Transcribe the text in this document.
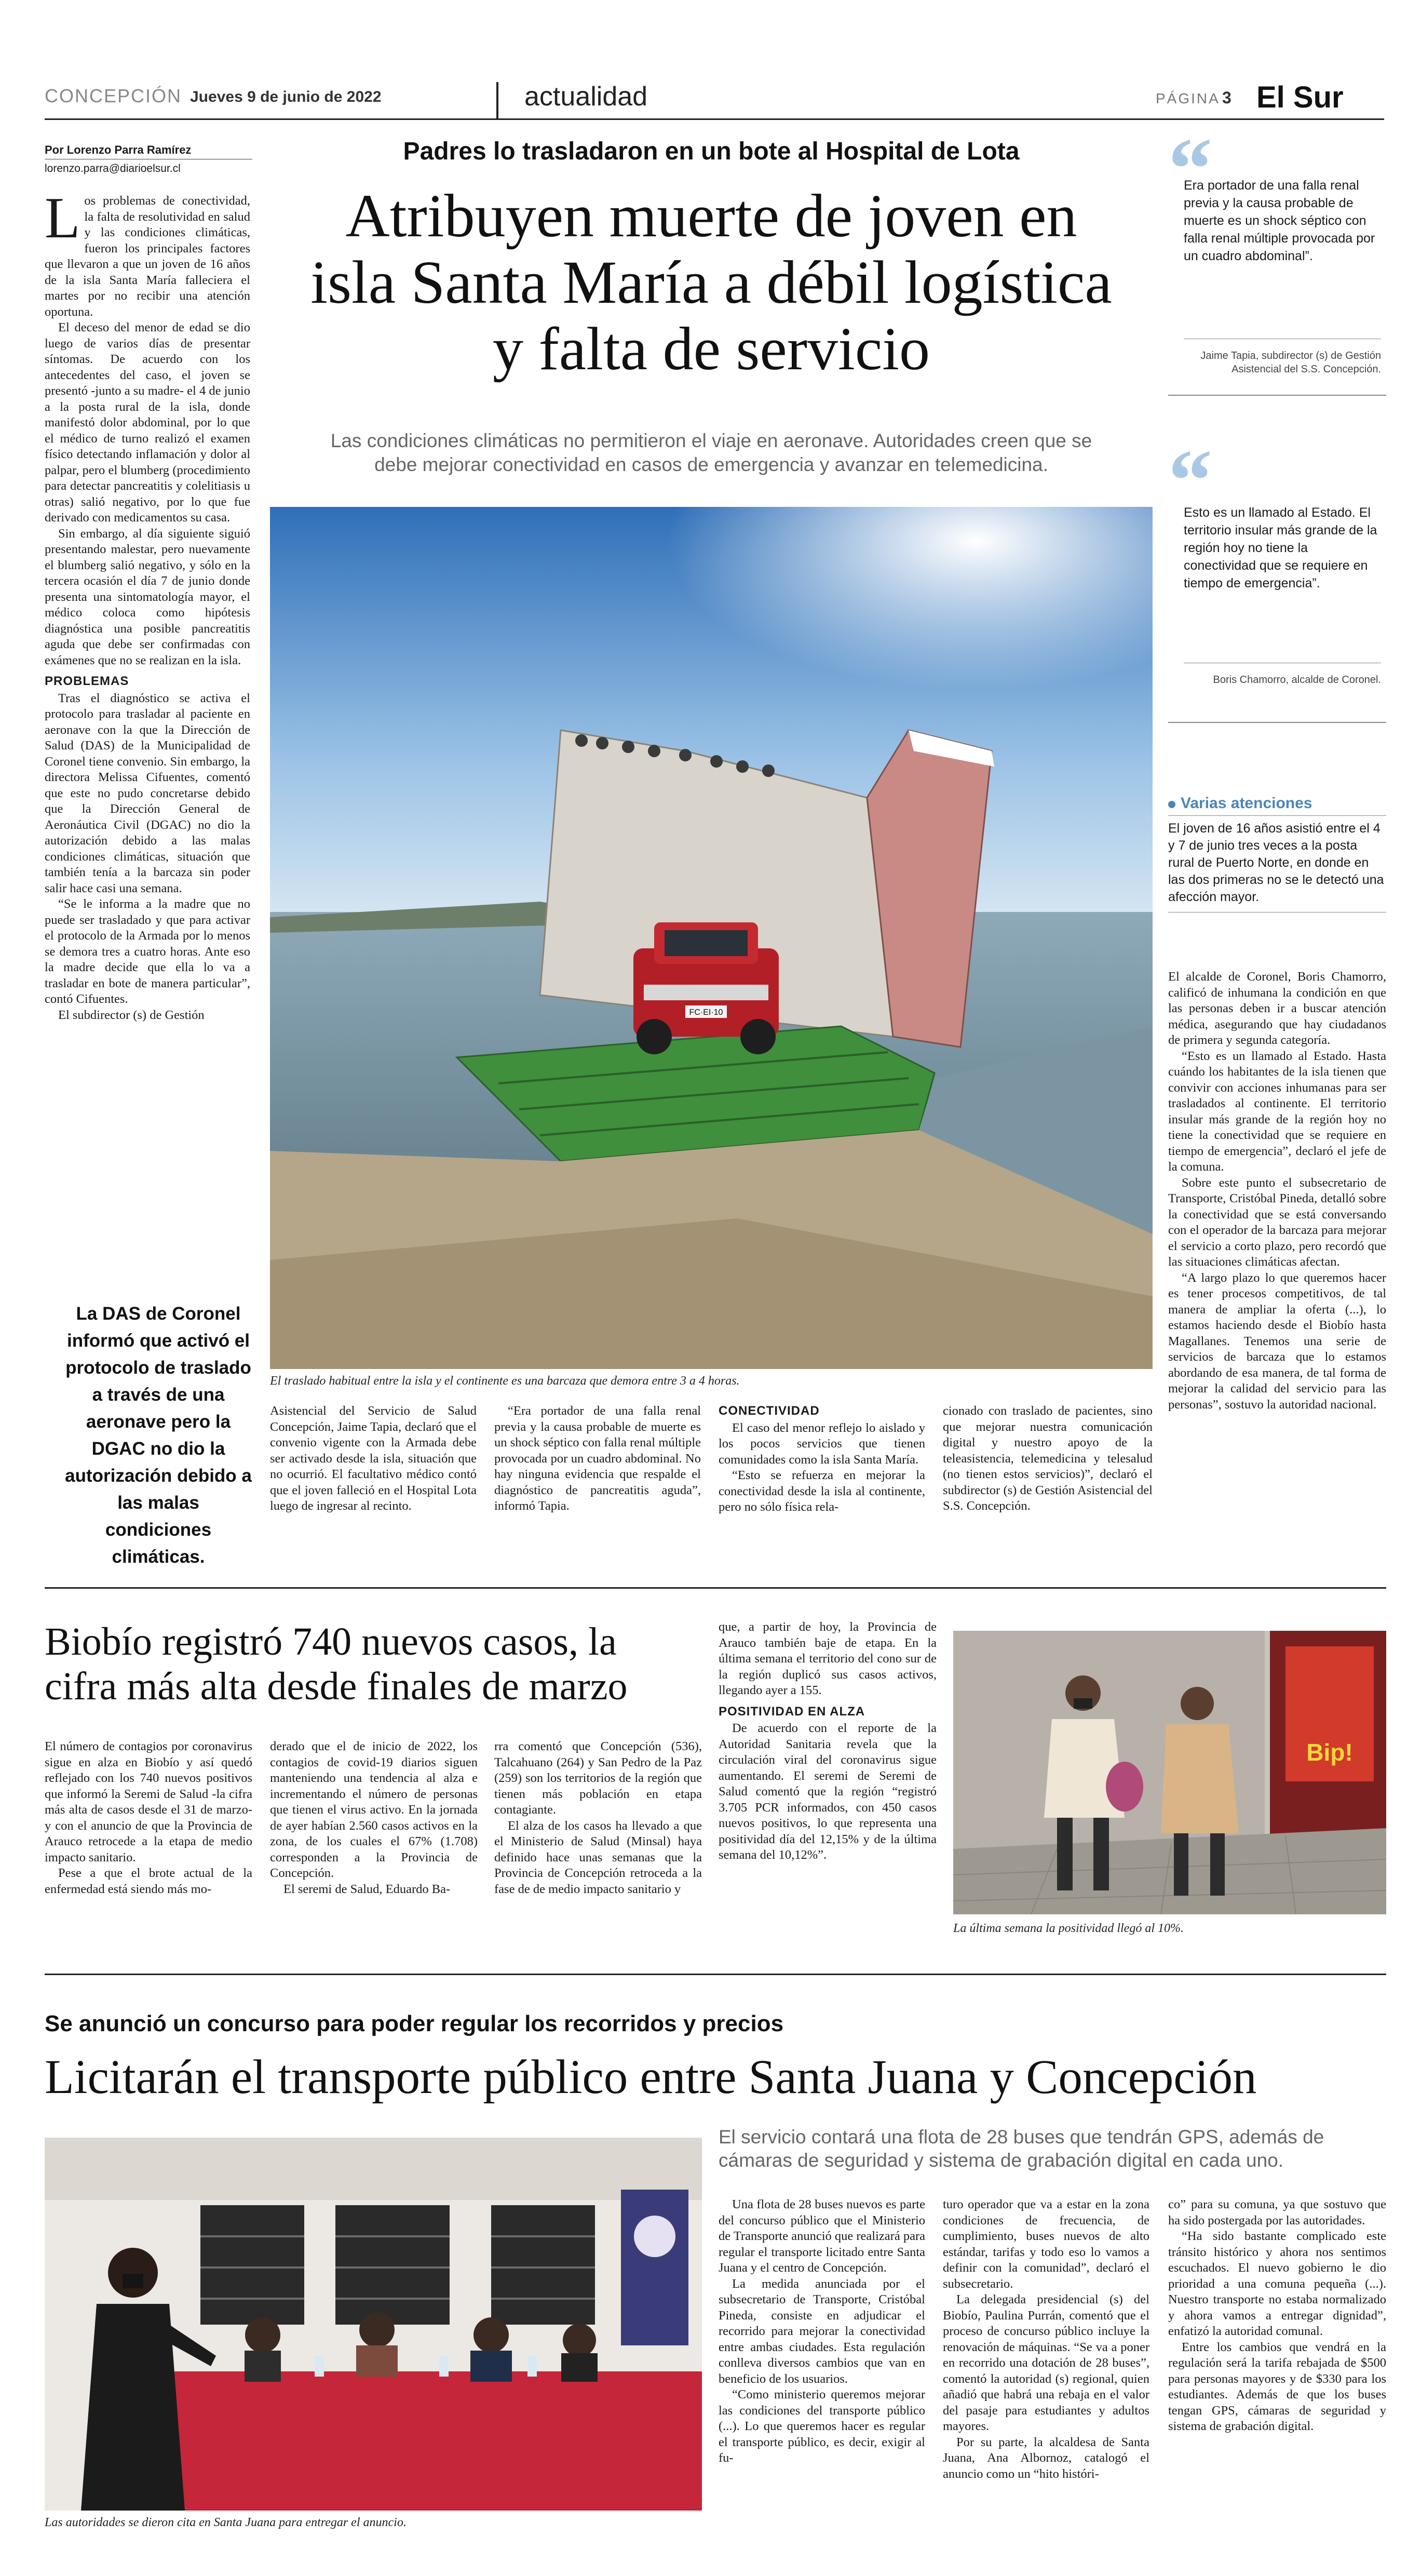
CONCEPCIÓN Jueves 9 de junio de 2022	actualidad	PÁGINA 3 El Sur
Por Lorenzo Parra Ramírez
lorenzo.parra@diarioelsur.cl
Padres lo trasladaron en un bote al Hospital de Lota
Atribuyen muerte de joven en
isla Santa María a débil logística
y falta de servicio
Las condiciones climáticas no permitieron el viaje en aeronave. Autoridades creen que se
debe mejorar conectividad en casos de emergencia y avanzar en telemedicina.

Los problemas de conectividad, la falta de resolutividad en salud y las condiciones climáticas, fueron los principales factores que llevaron a que un joven de 16 años de la isla Santa María falleciera el martes por no recibir una atención oportuna.

El deceso del menor de edad se dio luego de varios días de presentar síntomas. De acuerdo con los antecedentes del caso, el joven se presentó -junto a su madre- el 4 de junio a la posta rural de la isla, donde manifestó dolor abdominal, por lo que el médico de turno realizó el examen físico detectando inflamación y dolor al palpar, pero el blumberg (procedimiento para detectar pancreatitis y colelitiasis u otras) salió negativo, por lo que fue derivado con medicamentos su casa.

Sin embargo, al día siguiente siguió presentando malestar, pero nuevamente el blumberg salió negativo, y sólo en la tercera ocasión el día 7 de junio donde presenta una sintomatología mayor, el médico coloca como hipótesis diagnóstica una posible pancreatitis aguda que debe ser confirmadas con exámenes que no se realizan en la isla.

PROBLEMAS

Tras el diagnóstico se activa el protocolo para trasladar al paciente en aeronave con la que la Dirección de Salud (DAS) de la Municipalidad de Coronel tiene convenio. Sin embargo, la directora Melissa Cifuentes, comentó que este no pudo concretarse debido que la Dirección General de Aeronáutica Civil (DGAC) no dio la autorización debido a las malas condiciones climáticas, situación que también tenía a la barcaza sin poder salir hace casi una semana.

“Se le informa a la madre que no puede ser trasladado y que para activar el protocolo de la Armada por lo menos se demora tres a cuatro horas. Ante eso la madre decide que ella lo va a trasladar en bote de manera particular”, contó Cifuentes.

El subdirector (s) de Gestión

La DAS de Coronel informó que activó el protocolo de traslado a través de una aeronave pero la DGAC no dio la autorización debido a las malas condiciones climáticas.
FC·EI·10
El traslado habitual entre la isla y el continente es una barcaza que demora entre 3 a 4 horas.

Asistencial del Servicio de Salud Concepción, Jaime Tapia, declaró que el convenio vigente con la Armada debe ser activado desde la isla, situación que no ocurrió. El facultativo médico contó que el joven falleció en el Hospital Lota luego de ingresar al recinto.

“Era portador de una falla renal previa y la causa probable de muerte es un shock séptico con falla renal múltiple provocada por un cuadro abdominal. No hay ninguna evidencia que respalde el diagnóstico de pancreatitis aguda”, informó Tapia.

CONECTIVIDAD

El caso del menor reflejo lo aislado y los pocos servicios que tienen comunidades como la isla Santa María.

“Esto se refuerza en mejorar la conectividad desde la isla al continente, pero no sólo física rela-

cionado con traslado de pacientes, sino que mejorar nuestra comunicación digital y nuestro apoyo de la teleasistencia, telemedicina y telesalud (no tienen estos servicios)”, declaró el subdirector (s) de Gestión Asistencial del S.S. Concepción.

“
Era portador de una falla renal previa y la causa probable de muerte es un shock séptico con falla renal múltiple provocada por un cuadro abdominal”.
Jaime Tapia, subdirector (s) de Gestión Asistencial del S.S. Concepción.
“
Esto es un llamado al Estado. El territorio insular más grande de la región hoy no tiene la conectividad que se requiere en tiempo de emergencia”.
Boris Chamorro, alcalde de Coronel.
Varias atenciones
El joven de 16 años asistió entre el 4 y 7 de junio tres veces a la posta rural de Puerto Norte, en donde en las dos primeras no se le detectó una afección mayor.

El alcalde de Coronel, Boris Chamorro, calificó de inhumana la condición en que las personas deben ir a buscar atención médica, asegurando que hay ciudadanos de primera y segunda categoría.

“Esto es un llamado al Estado. Hasta cuándo los habitantes de la isla tienen que convivir con acciones inhumanas para ser trasladados al continente. El territorio insular más grande de la región hoy no tiene la conectividad que se requiere en tiempo de emergencia”, declaró el jefe de la comuna.

Sobre este punto el subsecretario de Transporte, Cristóbal Pineda, detalló sobre la conectividad que se está conversando con el operador de la barcaza para mejorar el servicio a corto plazo, pero recordó que las situaciones climáticas afectan.

“A largo plazo lo que queremos hacer es tener procesos competitivos, de tal manera de ampliar la oferta (...), lo estamos haciendo desde el Biobío hasta Magallanes. Tenemos una serie de servicios de barcaza que lo estamos abordando de esa manera, de tal forma de mejorar la calidad del servicio para las personas”, sostuvo la autoridad nacional.

Biobío registró 740 nuevos casos, la
cifra más alta desde finales de marzo

El número de contagios por coronavirus sigue en alza en Biobío y así quedó reflejado con los 740 nuevos positivos que informó la Seremi de Salud -la cifra más alta de casos desde el 31 de marzo- y con el anuncio de que la Provincia de Arauco retrocede a la etapa de medio impacto sanitario.

Pese a que el brote actual de la enfermedad está siendo más mo-

derado que el de inicio de 2022, los contagios de covid-19 diarios siguen manteniendo una tendencia al alza e incrementando el número de personas que tienen el virus activo. En la jornada de ayer habían 2.560 casos activos en la zona, de los cuales el 67% (1.708) corresponden a la Provincia de Concepción.

El seremi de Salud, Eduardo Ba-

rra comentó que Concepción (536), Talcahuano (264) y San Pedro de la Paz (259) son los territorios de la región que tienen más población en etapa contagiante.

El alza de los casos ha llevado a que el Ministerio de Salud (Minsal) haya definido hace unas semanas que la Provincia de Concepción retroceda a la fase de de medio impacto sanitario y

que, a partir de hoy, la Provincia de Arauco también baje de etapa. En la última semana el territorio del cono sur de la región duplicó sus casos activos, llegando ayer a 155.

POSITIVIDAD EN ALZA

De acuerdo con el reporte de la Autoridad Sanitaria revela que la circulación viral del coronavirus sigue aumentando. El seremi de Seremi de Salud comentó que la región “registró 3.705 PCR informados, con 450 casos nuevos positivos, lo que representa una positividad día del 12,15% y de la última semana del 10,12%”.

Bip!
La última semana la positividad llegó al 10%.
Se anunció un concurso para poder regular los recorridos y precios
Licitarán el transporte público entre Santa Juana y Concepción
El servicio contará una flota de 28 buses que tendrán GPS, además de
cámaras de seguridad y sistema de grabación digital en cada uno.
Las autoridades se dieron cita en Santa Juana para entregar el anuncio.

Una flota de 28 buses nuevos es parte del concurso público que el Ministerio de Transporte anunció que realizará para regular el transporte licitado entre Santa Juana y el centro de Concepción.

La medida anunciada por el subsecretario de Transporte, Cristóbal Pineda, consiste en adjudicar el recorrido para mejorar la conectividad entre ambas ciudades. Esta regulación conlleva diversos cambios que van en beneficio de los usuarios.

“Como ministerio queremos mejorar las condiciones del transporte público (...). Lo que queremos hacer es regular el transporte público, es decir, exigir al fu-

turo operador que va a estar en la zona condiciones de frecuencia, de cumplimiento, buses nuevos de alto estándar, tarifas y todo eso lo vamos a definir con la comunidad”, declaró el subsecretario.

La delegada presidencial (s) del Biobío, Paulina Purrán, comentó que el proceso de concurso público incluye la renovación de máquinas. “Se va a poner en recorrido una dotación de 28 buses”, comentó la autoridad (s) regional, quien añadió que habrá una rebaja en el valor del pasaje para estudiantes y adultos mayores.

Por su parte, la alcaldesa de Santa Juana, Ana Albornoz, catalogó el anuncio como un “hito históri-

co” para su comuna, ya que sostuvo que ha sido postergada por las autoridades.

“Ha sido bastante complicado este tránsito histórico y ahora nos sentimos escuchados. El nuevo gobierno le dio prioridad a una comuna pequeña (...). Nuestro transporte no estaba normalizado y ahora vamos a entregar dignidad”, enfatizó la autoridad comunal.

Entre los cambios que vendrá en la regulación será la tarifa rebajada de $500 para personas mayores y de $330 para los estudiantes. Además de que los buses tengan GPS, cámaras de seguridad y sistema de grabación digital.
